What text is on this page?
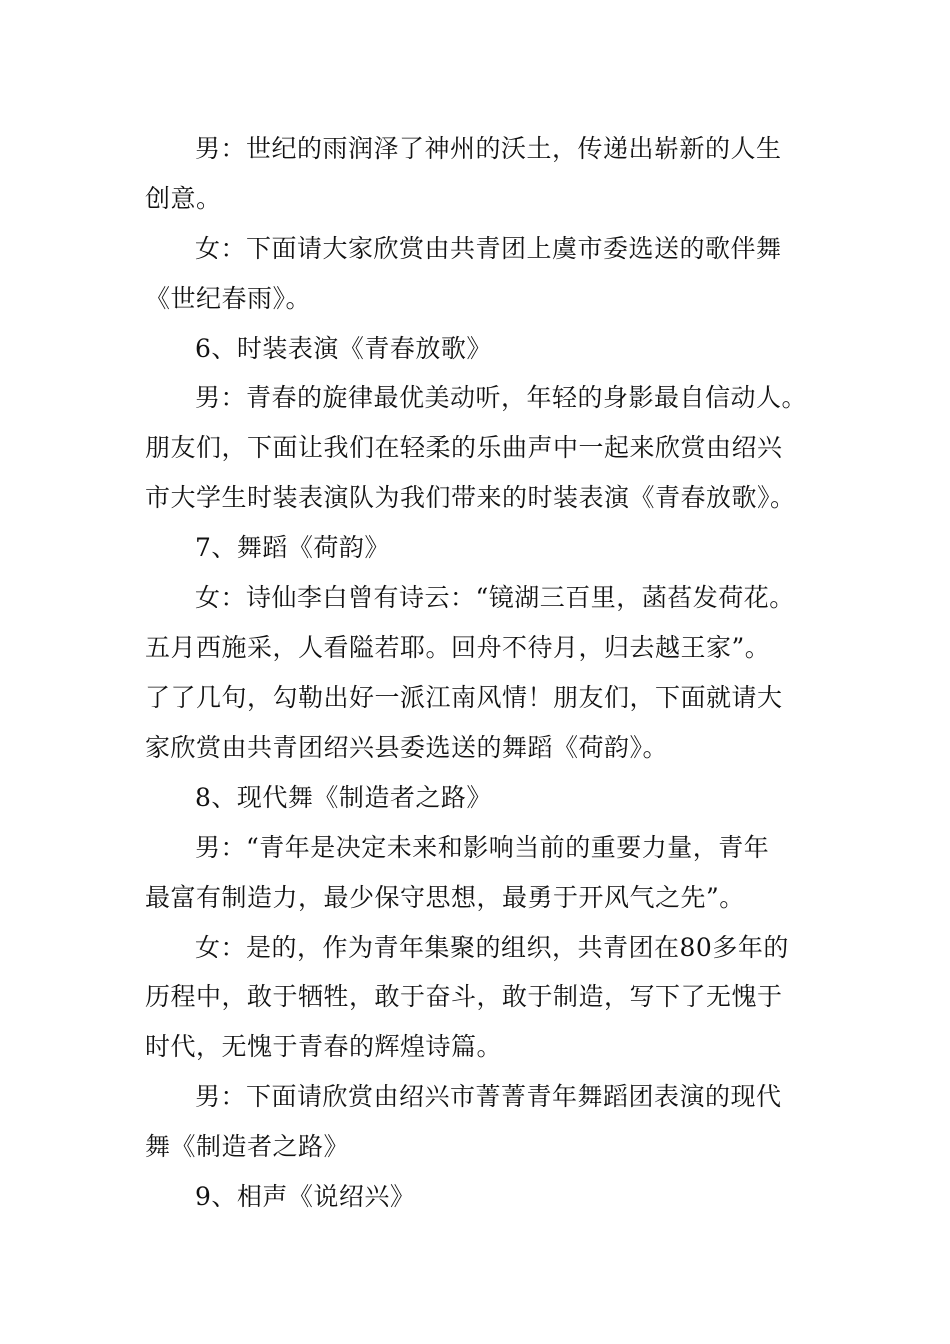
男：世纪的雨润泽了神州的沃土，传递出崭新的人生
创意。
女：下面请大家欣赏由共青团上虞市委选送的歌伴舞
《世纪春雨》。
6、时装表演《青春放歌》
男：青春的旋律最优美动听，年轻的身影最自信动人。
朋友们，下面让我们在轻柔的乐曲声中一起来欣赏由绍兴
市大学生时装表演队为我们带来的时装表演《青春放歌》。
7、舞蹈《荷韵》
女：诗仙李白曾有诗云：“镜湖三百里，菡萏发荷花。
五月西施采，人看隘若耶。回舟不待月，归去越王家”。
了了几句，勾勒出好一派江南风情！朋友们，下面就请大
家欣赏由共青团绍兴县委选送的舞蹈《荷韵》。
8、现代舞《制造者之路》
男：“青年是决定未来和影响当前的重要力量，青年
最富有制造力，最少保守思想，最勇于开风气之先”。
女：是的，作为青年集聚的组织，共青团在80多年的
历程中，敢于牺牲，敢于奋斗，敢于制造，写下了无愧于
时代，无愧于青春的辉煌诗篇。
男：下面请欣赏由绍兴市菁菁青年舞蹈团表演的现代
舞《制造者之路》
9、相声《说绍兴》
